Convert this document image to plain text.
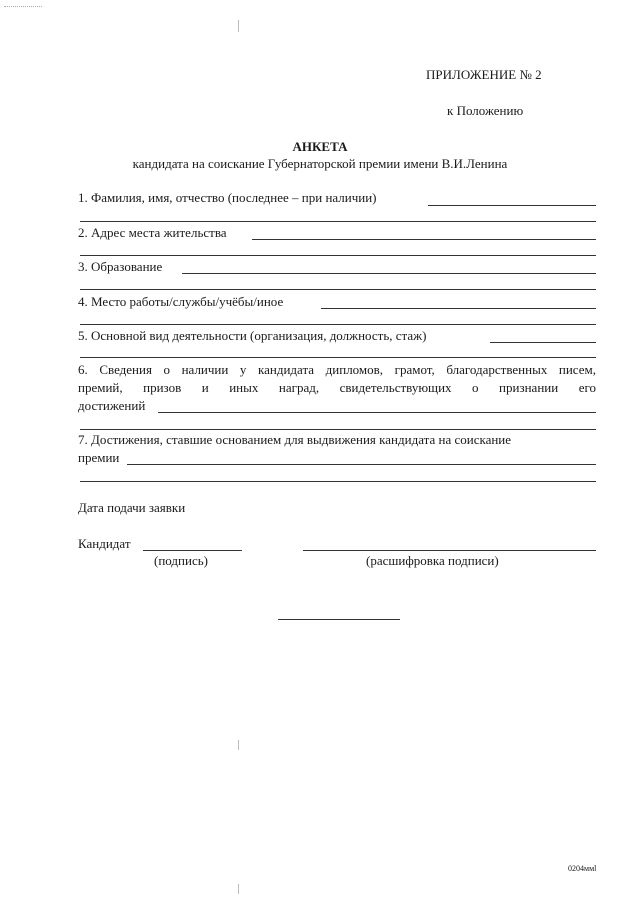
ПРИЛОЖЕНИЕ № 2
к Положению
АНКЕТА
кандидата на соискание Губернаторской премии имени В.И.Ленина
1. Фамилия, имя, отчество (последнее – при наличии)
2. Адрес места жительства
3. Образование
4. Место работы/службы/учёбы/иное
5. Основной вид деятельности (организация, должность, стаж)
6. Сведения о наличии у кандидата дипломов, грамот, благодарственных писем,
премий, призов и иных наград, свидетельствующих о признании его
достижений
7. Достижения, ставшие основанием для выдвижения кандидата на соискание
премии
Дата подачи заявки
Кандидат
(подпись)	(расшифровка подписи)
0204ммl
